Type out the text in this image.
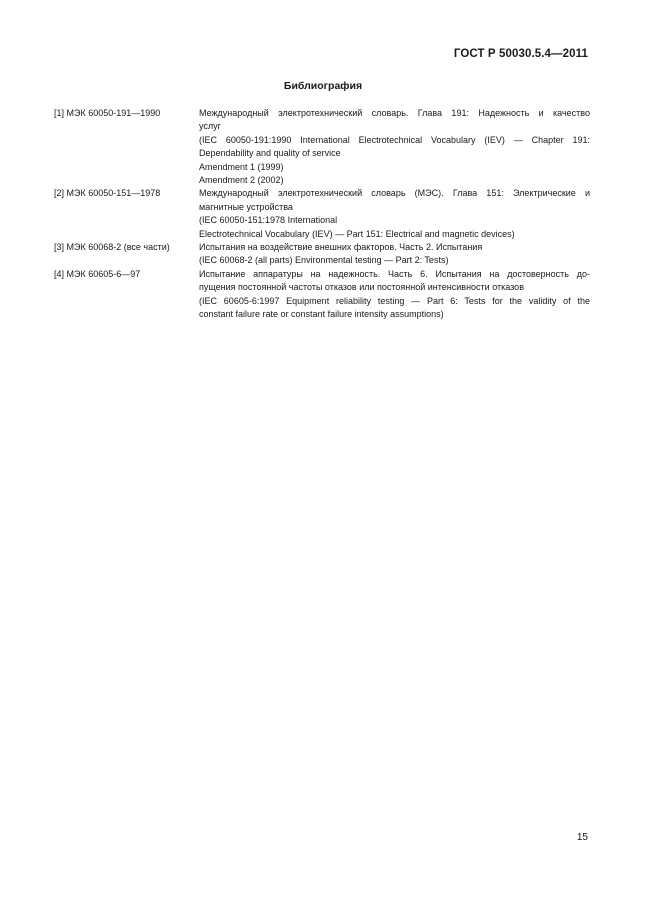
ГОСТ Р 50030.5.4—2011
Библиография
[1] МЭК 60050-191—1990	Международный электротехнический словарь. Глава 191: Надежность и качество
услуг
(IEC 60050-191:1990 International Electrotechnical Vocabulary (IEV) — Chapter 191:
Dependability and quality of service
Amendment 1 (1999)
Amendment 2 (2002)
[2] МЭК 60050-151—1978	Международный электротехнический словарь (МЭС). Глава 151: Электрические и
магнитные устройства
(IEC 60050-151:1978 International
Electrotechnical Vocabulary (IEV) — Part 151: Electrical and magnetic devices)
[3] МЭК 60068-2 (все части)	Испытания на воздействие внешних факторов. Часть 2. Испытания
(IEC 60068-2 (all parts) Environmental testing — Part 2: Tests)
[4] МЭК 60605-6—97	Испытание аппаратуры на надежность. Часть 6. Испытания на достоверность до-
пущения постоянной частоты отказов или постоянной интенсивности отказов
(IEC 60605-6:1997 Equipment reliability testing — Part 6: Tests for the validity of the
constant failure rate or constant failure intensity assumptions)
15
